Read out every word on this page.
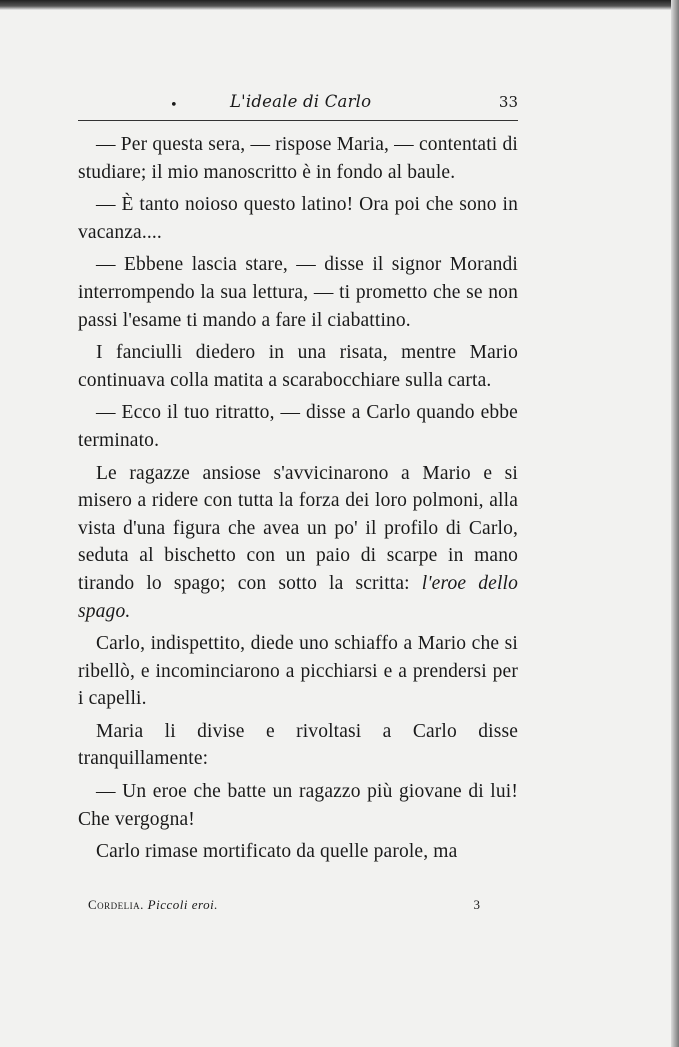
•	L'ideale di Carlo	33

— Per questa sera, — rispose Maria, — contentati di studiare; il mio manoscritto è in fondo al baule.

— È tanto noioso questo latino! Ora poi che sono in vacanza....

— Ebbene lascia stare, — disse il signor Morandi interrompendo la sua lettura, — ti prometto che se non passi l'esame ti mando a fare il ciabattino.

I fanciulli diedero in una risata, mentre Mario continuava colla matita a scarabocchiare sulla carta.

— Ecco il tuo ritratto, — disse a Carlo quando ebbe terminato.

Le ragazze ansiose s'avvicinarono a Mario e si misero a ridere con tutta la forza dei loro polmoni, alla vista d'una figura che avea un po' il profilo di Carlo, seduta al bischetto con un paio di scarpe in mano tirando lo spago; con sotto la scritta: l'eroe dello spago.

Carlo, indispettito, diede uno schiaffo a Mario che si ribellò, e incominciarono a picchiarsi e a prendersi per i capelli.

Maria li divise e rivoltasi a Carlo disse tranquillamente:

— Un eroe che batte un ragazzo più giovane di lui! Che vergogna!

Carlo rimase mortificato da quelle parole, ma

Cordelia. Piccoli eroi.	3
